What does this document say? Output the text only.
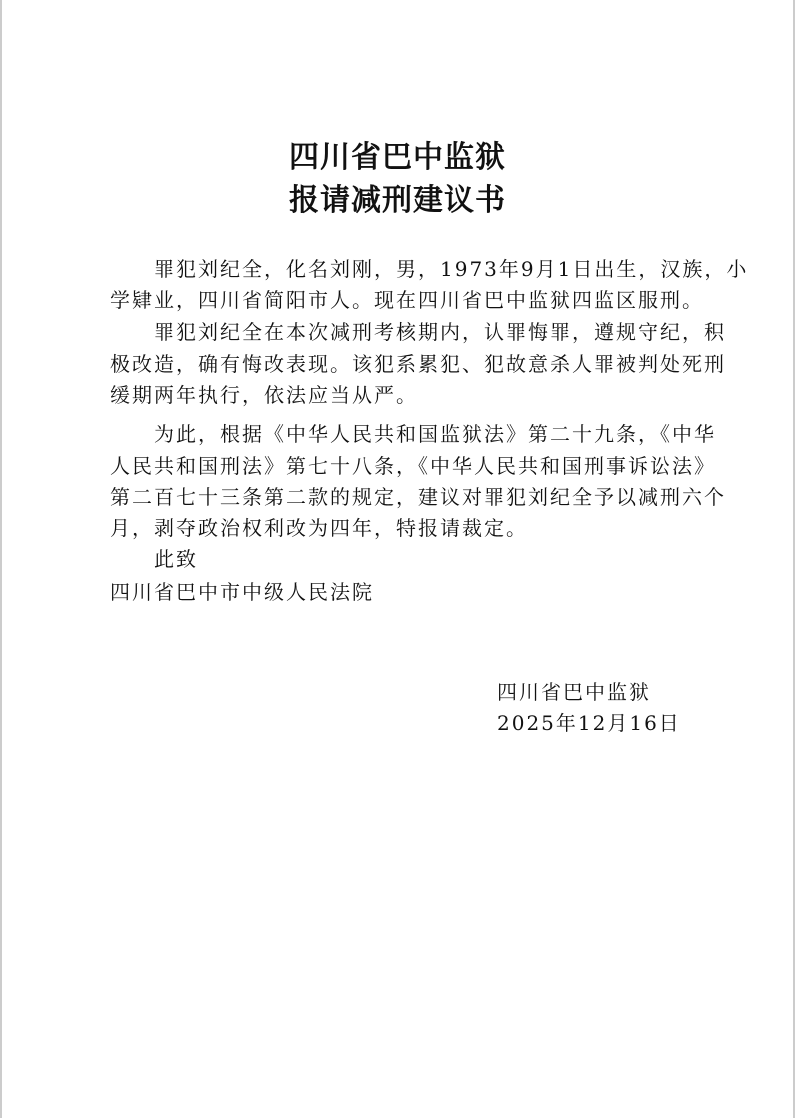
四川省巴中监狱
报请减刑建议书
　　罪犯刘纪全，化名刘刚，男，1973年9月1日出生，汉族，小
学肄业，四川省简阳市人。现在四川省巴中监狱四监区服刑。
　　罪犯刘纪全在本次减刑考核期内，认罪悔罪，遵规守纪，积
极改造，确有悔改表现。该犯系累犯、犯故意杀人罪被判处死刑
缓期两年执行，依法应当从严。
　　为此，根据《中华人民共和国监狱法》第二十九条，《中华
人民共和国刑法》第七十八条，《中华人民共和国刑事诉讼法》
第二百七十三条第二款的规定，建议对罪犯刘纪全予以减刑六个
月，剥夺政治权利改为四年，特报请裁定。
　　此致
四川省巴中市中级人民法院
四川省巴中监狱
2025年12月16日
